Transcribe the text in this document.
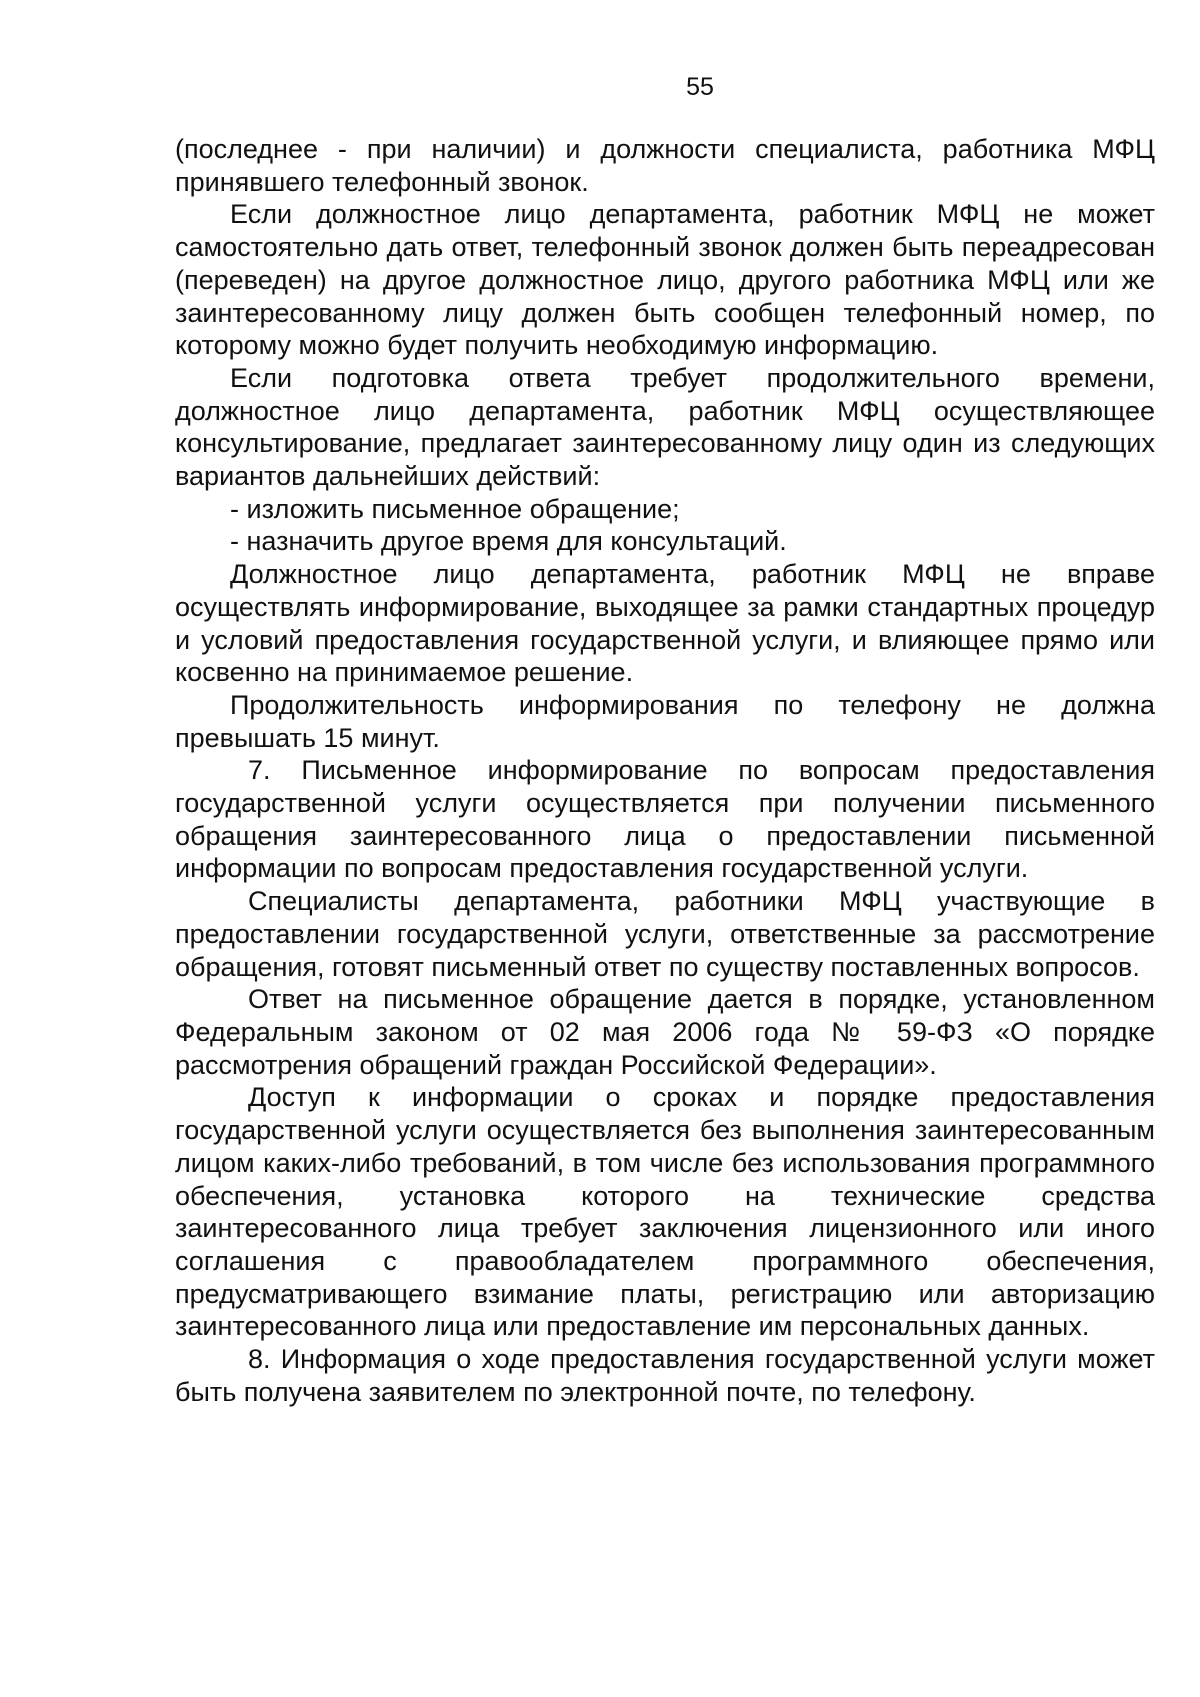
55

(последнее - при наличии) и должности специалиста, работника МФЦ принявшего телефонный звонок.

Если должностное лицо департамента, работник МФЦ не может самостоятельно дать ответ, телефонный звонок должен быть переадресован (переведен) на другое должностное лицо, другого работника МФЦ или же заинтересованному лицу должен быть сообщен телефонный номер, по которому можно будет получить необходимую информацию.

Если подготовка ответа требует продолжительного времени, должностное лицо департамента, работник МФЦ осуществляющее консультирование, предлагает заинтересованному лицу один из следующих вариантов дальнейших действий:

- изложить письменное обращение;

- назначить другое время для консультаций.

Должностное лицо департамента, работник МФЦ не вправе осуществлять информирование, выходящее за рамки стандартных процедур и условий предоставления государственной услуги, и влияющее прямо или косвенно на принимаемое решение.

Продолжительность информирования по телефону не должна превышать 15 минут.

7. Письменное информирование по вопросам предоставления государственной услуги осуществляется при получении письменного обращения заинтересованного лица о предоставлении письменной информации по вопросам предоставления государственной услуги.

Специалисты департамента, работники МФЦ участвующие в предоставлении государственной услуги, ответственные за рассмотрение обращения, готовят письменный ответ по существу поставленных вопросов.

Ответ на письменное обращение дается в порядке, установленном Федеральным законом от 02 мая 2006 года № 59-ФЗ «О порядке рассмотрения обращений граждан Российской Федерации».

Доступ к информации о сроках и порядке предоставления государственной услуги осуществляется без выполнения заинтересованным лицом каких-либо требований, в том числе без использования программного обеспечения, установка которого на технические средства заинтересованного лица требует заключения лицензионного или иного соглашения с правообладателем программного обеспечения, предусматривающего взимание платы, регистрацию или авторизацию заинтересованного лица или предоставление им персональных данных.

8. Информация о ходе предоставления государственной услуги может быть получена заявителем по электронной почте, по телефону.
